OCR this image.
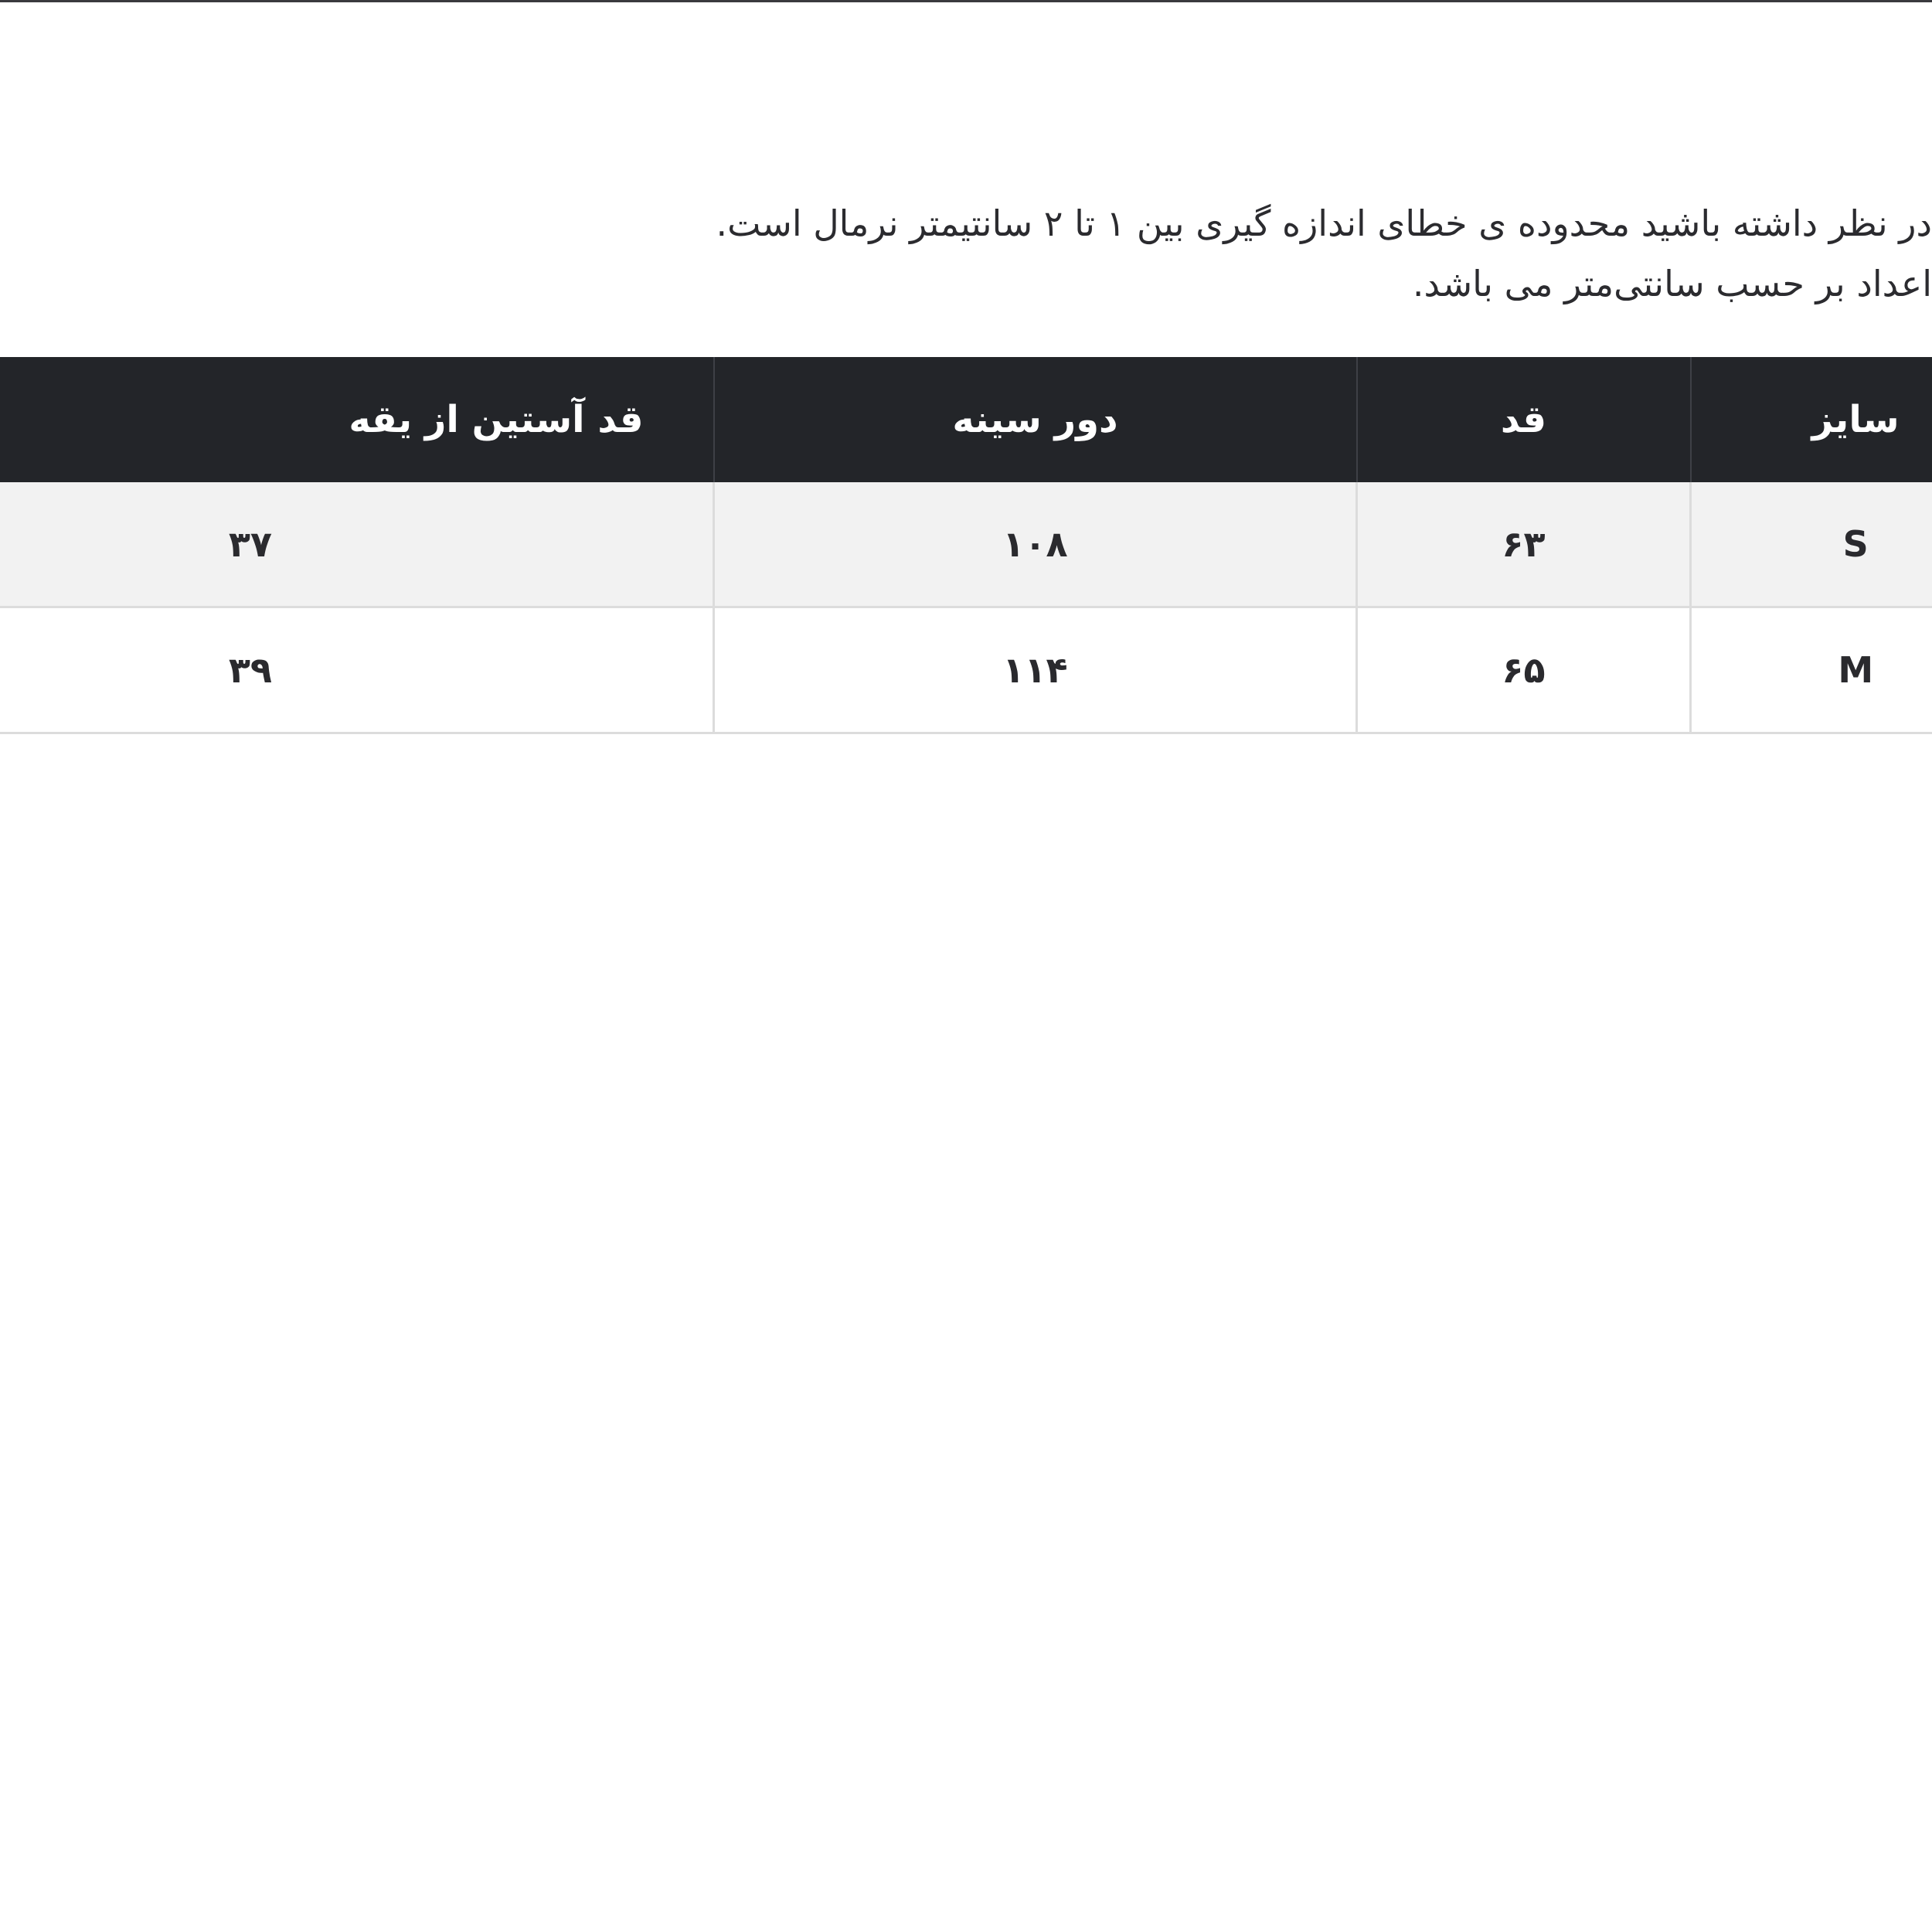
در نظر داشته باشید محدوده ی خطای اندازه گیری بین ۱ تا ۲ سانتیمتر نرمال است.
اعداد بر حسب سانتی‌متر می باشد.
سایز	قد	دور سینه	قد آستین از یقه
S	۶۳	۱۰۸	۳۷
M	۶۵	۱۱۴	۳۹
